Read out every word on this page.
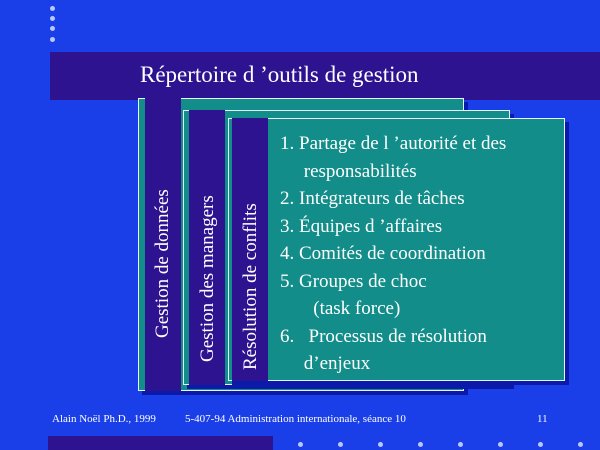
Répertoire d ’outils de gestion
Gestion de données Gestion des managers Résolution de conflits
1. Partage de l ’autorité et des
responsabilités
2. Intégrateurs de tâches
3. Équipes d ’affaires
4. Comités de coordination
5. Groupes de choc
(task force)
6.   Processus de résolution
d’enjeux
Alain Noël Ph.D., 1999	5-407-94 Administration internationale, séance 10	11
